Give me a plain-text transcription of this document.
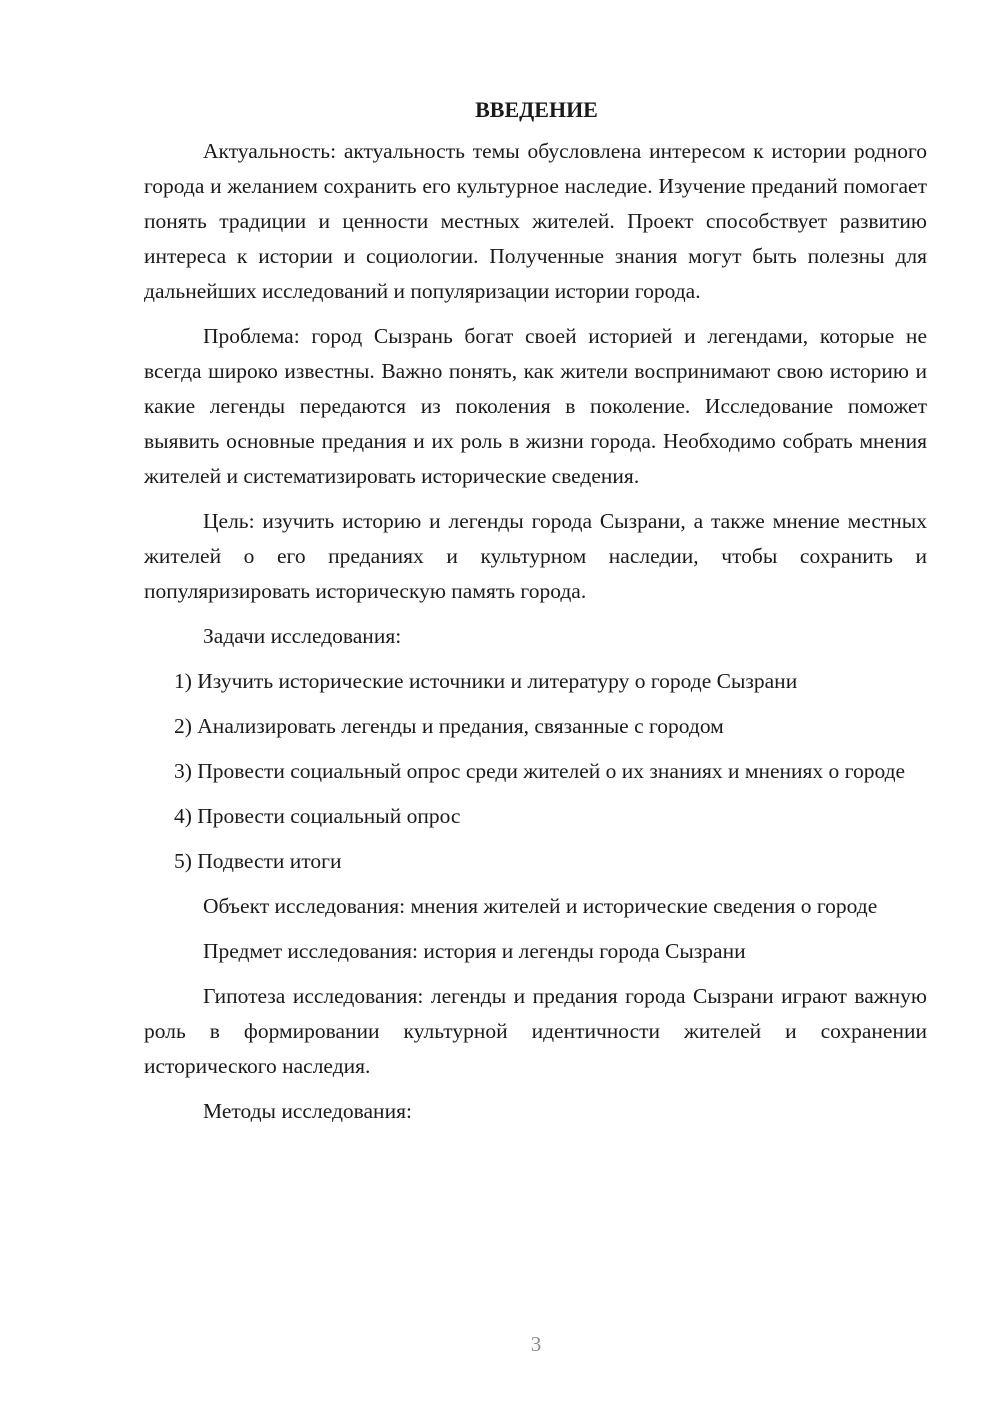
ВВЕДЕНИЕ

Актуальность: актуальность темы обусловлена интересом к истории родного города и желанием сохранить его культурное наследие. Изучение преданий помогает понять традиции и ценности местных жителей. Проект способствует развитию интереса к истории и социологии. Полученные знания могут быть полезны для дальнейших исследований и популяризации истории города.

Проблема: город Сызрань богат своей историей и легендами, которые не всегда широко известны. Важно понять, как жители воспринимают свою историю и какие легенды передаются из поколения в поколение. Исследование поможет выявить основные предания и их роль в жизни города. Необходимо собрать мнения жителей и систематизировать исторические сведения.

Цель: изучить историю и легенды города Сызрани, а также мнение местных жителей о его преданиях и культурном наследии, чтобы сохранить и популяризировать историческую память города.

Задачи исследования:

1) Изучить исторические источники и литературу о городе Сызрани

2) Анализировать легенды и предания, связанные с городом

3) Провести социальный опрос среди жителей о их знаниях и мнениях о городе

4) Провести социальный опрос

5) Подвести итоги

Объект исследования: мнения жителей и исторические сведения о городе

Предмет исследования: история и легенды города Сызрани

Гипотеза исследования: легенды и предания города Сызрани играют важную роль в формировании культурной идентичности жителей и сохранении исторического наследия.

Методы исследования:

3
